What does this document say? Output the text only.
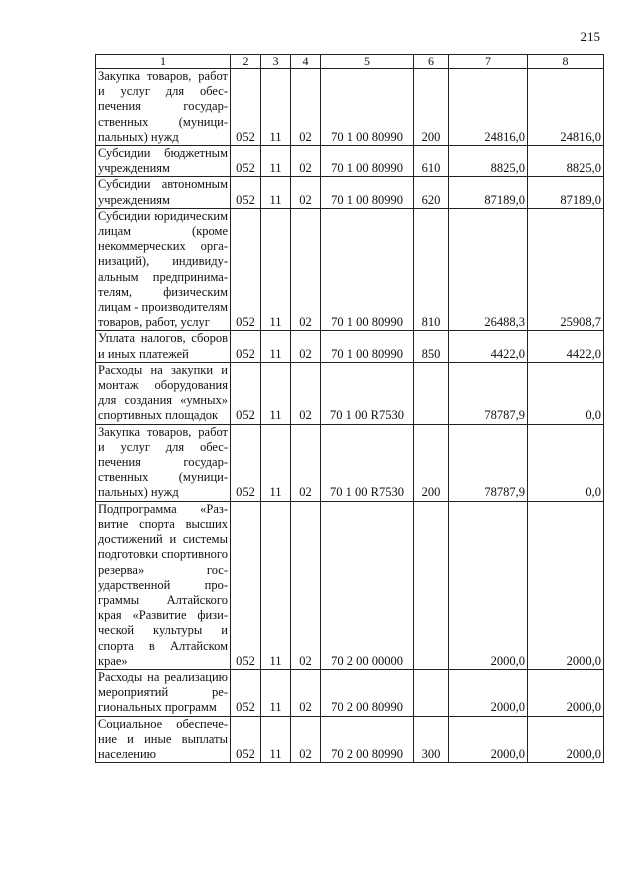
215
1	2	3	4	5	6	7	8
Закупка товаров, работ и услуг для обеспечения государственных (муниципальных) нужд	052	11	02	70 1 00 80990	200	24816,0	24816,0
Субсидии бюджетным учреждениям	052	11	02	70 1 00 80990	610	8825,0	8825,0
Субсидии автономным учреждениям	052	11	02	70 1 00 80990	620	87189,0	87189,0
Субсидии юридическим лицам (кроме некоммерческих организаций), индивидуальным предпринимателям, физическим лицам - производителям товаров, работ, услуг	052	11	02	70 1 00 80990	810	26488,3	25908,7
Уплата налогов, сборов и иных платежей	052	11	02	70 1 00 80990	850	4422,0	4422,0
Расходы на закупки и монтаж оборудования для создания «умных» спортивных площадок	052	11	02	70 1 00 R7530		78787,9	0,0
Закупка товаров, работ и услуг для обеспечения государственных (муниципальных) нужд	052	11	02	70 1 00 R7530	200	78787,9	0,0
Подпрограмма «Развитие спорта высших достижений и системы подготовки спортивного резерва» государственной программы Алтайского края «Развитие физической культуры и спорта в Алтайском крае»	052	11	02	70 2 00 00000		2000,0	2000,0
Расходы на реализацию мероприятий региональных программ	052	11	02	70 2 00 80990		2000,0	2000,0
Социальное обеспечение и иные выплаты населению	052	11	02	70 2 00 80990	300	2000,0	2000,0
